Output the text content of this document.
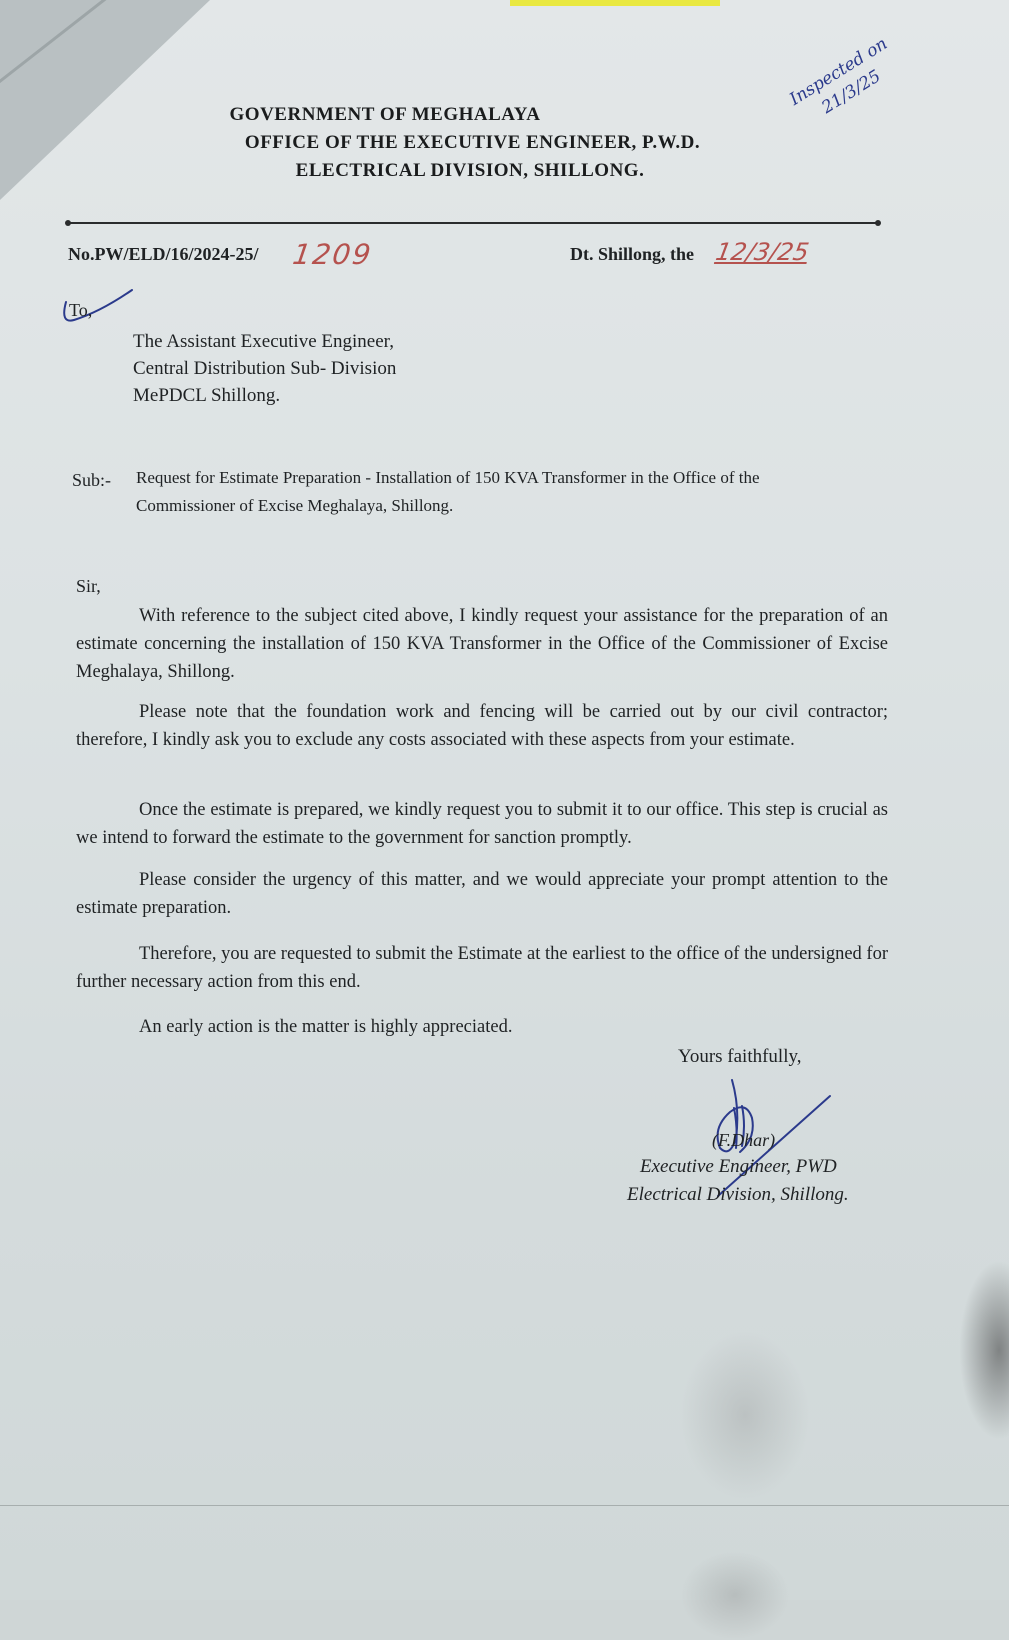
Inspected on 21/3/25
GOVERNMENT OF MEGHALAYA
OFFICE OF THE EXECUTIVE ENGINEER, P.W.D.
ELECTRICAL DIVISION, SHILLONG.
No.PW/ELD/16/2024-25/ 1209	Dt. Shillong, the 12/3/25
To,
The Assistant Executive Engineer,
Central Distribution Sub- Division
MePDCL Shillong.
Sub:- Request for Estimate Preparation - Installation of 150 KVA Transformer in the Office of the Commissioner of Excise Meghalaya, Shillong.
Sir,
With reference to the subject cited above, I kindly request your assistance for the preparation of an estimate concerning the installation of 150 KVA Transformer in the Office of the Commissioner of Excise Meghalaya, Shillong.
Please note that the foundation work and fencing will be carried out by our civil contractor; therefore, I kindly ask you to exclude any costs associated with these aspects from your estimate.
Once the estimate is prepared, we kindly request you to submit it to our office. This step is crucial as we intend to forward the estimate to the government for sanction promptly.
Please consider the urgency of this matter, and we would appreciate your prompt attention to the estimate preparation.
Therefore, you are requested to submit the Estimate at the earliest to the office of the undersigned for further necessary action from this end.
An early action is the matter is highly appreciated.
Yours faithfully,
(F.Dhar)
Executive Engineer, PWD
Electrical Division, Shillong.
